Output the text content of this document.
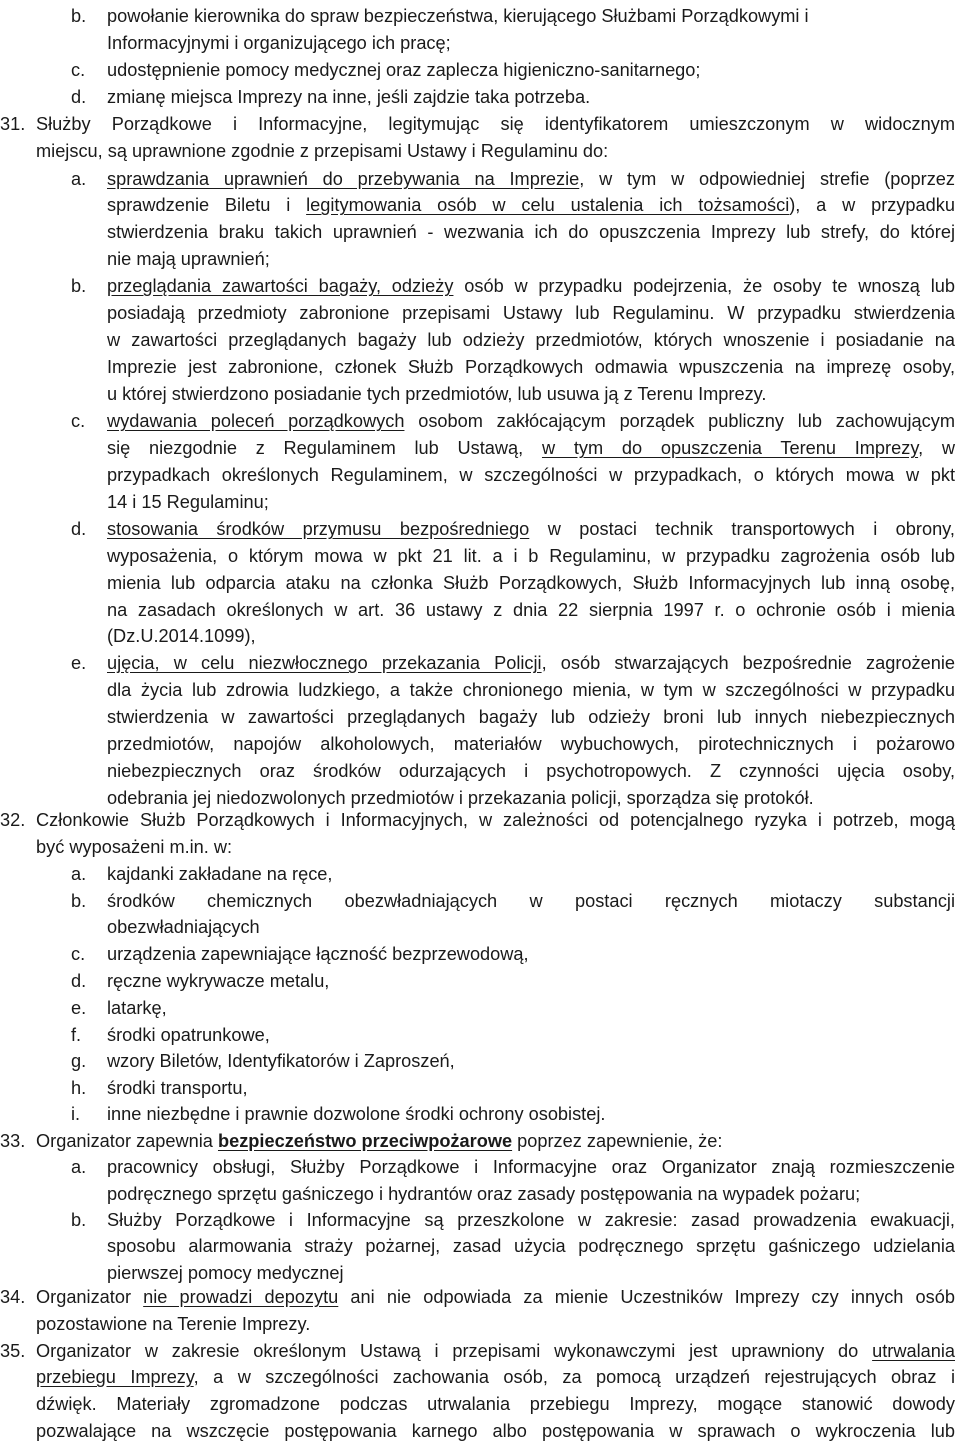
b. powołanie kierownika do spraw bezpieczeństwa, kierującego Służbami Porządkowymi i
Informacyjnymi i organizującego ich pracę;
c. udostępnienie pomocy medycznej oraz zaplecza higieniczno-sanitarnego;
d. zmianę miejsca Imprezy na inne, jeśli zajdzie taka potrzeba.
31. Służby Porządkowe i Informacyjne, legitymując się identyfikatorem umieszczonym w widocznym
miejscu, są uprawnione zgodnie z przepisami Ustawy i Regulaminu do:
a. sprawdzania uprawnień do przebywania na Imprezie, w tym w odpowiedniej strefie (poprzez
sprawdzenie Biletu i legitymowania osób w celu ustalenia ich tożsamości), a w przypadku
stwierdzenia braku takich uprawnień - wezwania ich do opuszczenia Imprezy lub strefy, do której
nie mają uprawnień;
b. przeglądania zawartości bagaży, odzieży osób w przypadku podejrzenia, że osoby te wnoszą lub
posiadają przedmioty zabronione przepisami Ustawy lub Regulaminu. W przypadku stwierdzenia
w zawartości przeglądanych bagaży lub odzieży przedmiotów, których wnoszenie i posiadanie na
Imprezie jest zabronione, członek Służb Porządkowych odmawia wpuszczenia na imprezę osoby,
u której stwierdzono posiadanie tych przedmiotów, lub usuwa ją z Terenu Imprezy.
c. wydawania poleceń porządkowych osobom zakłócającym porządek publiczny lub zachowującym
się niezgodnie z Regulaminem lub Ustawą, w tym do opuszczenia Terenu Imprezy, w
przypadkach określonych Regulaminem, w szczególności w przypadkach, o których mowa w pkt
14 i 15 Regulaminu;
d. stosowania środków przymusu bezpośredniego w postaci technik transportowych i obrony,
wyposażenia, o którym mowa w pkt 21 lit. a i b Regulaminu, w przypadku zagrożenia osób lub
mienia lub odparcia ataku na członka Służb Porządkowych, Służb Informacyjnych lub inną osobę,
na zasadach określonych w art. 36 ustawy z dnia 22 sierpnia 1997 r. o ochronie osób i mienia
(Dz.U.2014.1099),
e. ujęcia, w celu niezwłocznego przekazania Policji, osób stwarzających bezpośrednie zagrożenie
dla życia lub zdrowia ludzkiego, a także chronionego mienia, w tym w szczególności w przypadku
stwierdzenia w zawartości przeglądanych bagaży lub odzieży broni lub innych niebezpiecznych
przedmiotów, napojów alkoholowych, materiałów wybuchowych, pirotechnicznych i pożarowo
niebezpiecznych oraz środków odurzających i psychotropowych. Z czynności ujęcia osoby,
odebrania jej niedozwolonych przedmiotów i przekazania policji, sporządza się protokół.
32. Członkowie Służb Porządkowych i Informacyjnych, w zależności od potencjalnego ryzyka i potrzeb, mogą
być wyposażeni m.in. w:
a. kajdanki zakładane na ręce,
b. środków chemicznych obezwładniających w postaci ręcznych miotaczy substancji
obezwładniających
c. urządzenia zapewniające łączność bezprzewodową,
d. ręczne wykrywacze metalu,
e. latarkę,
f. środki opatrunkowe,
g. wzory Biletów, Identyfikatorów i Zaproszeń,
h. środki transportu,
i. inne niezbędne i prawnie dozwolone środki ochrony osobistej.
33. Organizator zapewnia bezpieczeństwo przeciwpożarowe poprzez zapewnienie, że:
a. pracownicy obsługi, Służby Porządkowe i Informacyjne oraz Organizator znają rozmieszczenie
podręcznego sprzętu gaśniczego i hydrantów oraz zasady postępowania na wypadek pożaru;
b. Służby Porządkowe i Informacyjne są przeszkolone w zakresie: zasad prowadzenia ewakuacji,
sposobu alarmowania straży pożarnej, zasad użycia podręcznego sprzętu gaśniczego udzielania
pierwszej pomocy medycznej
34. Organizator nie prowadzi depozytu ani nie odpowiada za mienie Uczestników Imprezy czy innych osób
pozostawione na Terenie Imprezy.
35. Organizator w zakresie określonym Ustawą i przepisami wykonawczymi jest uprawniony do utrwalania
przebiegu Imprezy, a w szczególności zachowania osób, za pomocą urządzeń rejestrujących obraz i
dźwięk. Materiały zgromadzone podczas utrwalania przebiegu Imprezy, mogące stanowić dowody
pozwalające na wszczęcie postępowania karnego albo postępowania w sprawach o wykroczenia lub
